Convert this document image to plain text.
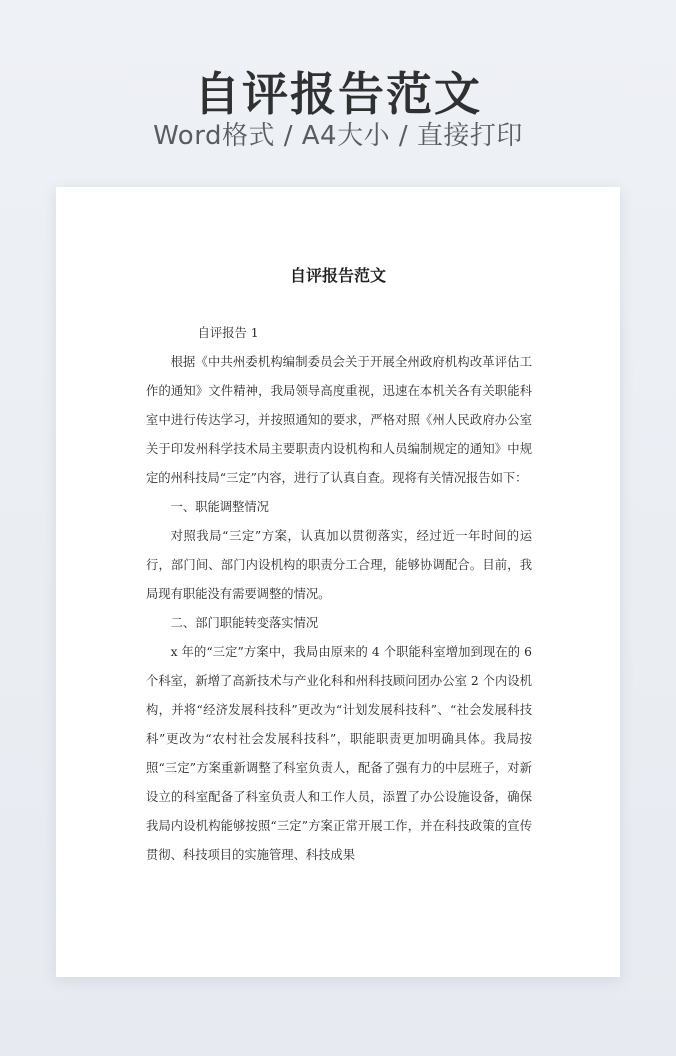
自评报告范文
Word格式 / A4大小 / 直接打印
自评报告范文

自评报告 1

根据《中共州委机构编制委员会关于开展全州政府机构改革评估工作的通知》文件精神，我局领导高度重视，迅速在本机关各有关职能科室中进行传达学习，并按照通知的要求，严格对照《州人民政府办公室关于印发州科学技术局主要职责内设机构和人员编制规定的通知》中规定的州科技局“三定”内容，进行了认真自查。现将有关情况报告如下：

一、职能调整情况

对照我局“三定”方案，认真加以贯彻落实，经过近一年时间的运行，部门间、部门内设机构的职责分工合理，能够协调配合。目前，我局现有职能没有需要调整的情况。

二、部门职能转变落实情况

x 年的“三定”方案中，我局由原来的 4 个职能科室增加到现在的 6 个科室，新增了高新技术与产业化科和州科技顾问团办公室 2 个内设机构，并将“经济发展科技科”更改为“计划发展科技科”、“社会发展科技科”更改为“农村社会发展科技科”，职能职责更加明确具体。我局按照“三定”方案重新调整了科室负责人，配备了强有力的中层班子，对新设立的科室配备了科室负责人和工作人员，添置了办公设施设备，确保我局内设机构能够按照“三定”方案正常开展工作，并在科技政策的宣传贯彻、科技项目的实施管理、科技成果
